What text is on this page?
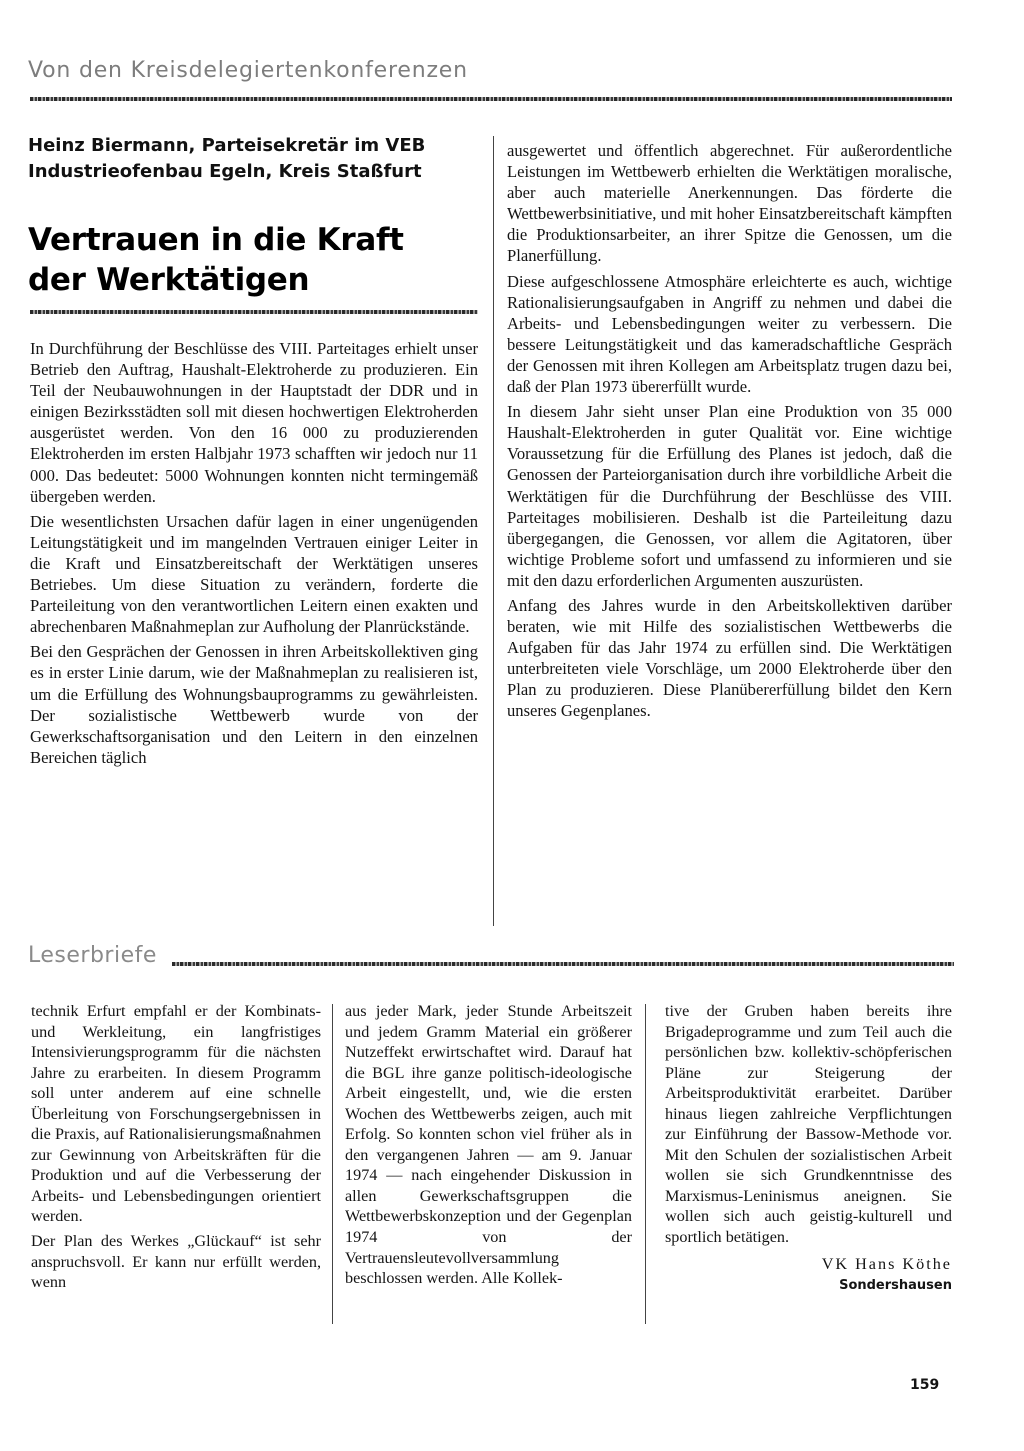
Von den Kreisdelegiertenkonferenzen
Heinz Biermann, Parteisekretär im VEB
Industrieofenbau Egeln, Kreis Staßfurt
Vertrauen in die Kraft
der Werktätigen

In Durchführung der Beschlüsse des VIII. Parteitages erhielt unser Betrieb den Auftrag, Haushalt-Elektroherde zu produzieren. Ein Teil der Neubauwohnungen in der Hauptstadt der DDR und in einigen Bezirksstädten soll mit diesen hochwertigen Elektroherden ausgerüstet werden. Von den 16 000 zu produzierenden Elektroherden im ersten Halbjahr 1973 schafften wir jedoch nur 11 000. Das bedeutet: 5000 Wohnungen konnten nicht termingemäß übergeben werden.

Die wesentlichsten Ursachen dafür lagen in einer ungenügenden Leitungstätigkeit und im mangelnden Vertrauen einiger Leiter in die Kraft und Einsatzbereitschaft der Werktätigen unseres Betriebes. Um diese Situation zu verändern, forderte die Parteileitung von den verantwortlichen Leitern einen exakten und abrechenbaren Maßnahmeplan zur Aufholung der Planrückstände.

Bei den Gesprächen der Genossen in ihren Arbeitskollektiven ging es in erster Linie darum, wie der Maßnahmeplan zu realisieren ist, um die Erfüllung des Wohnungsbauprogramms zu gewährleisten. Der sozialistische Wettbewerb wurde von der Gewerkschaftsorganisation und den Leitern in den einzelnen Bereichen täglich

ausgewertet und öffentlich abgerechnet. Für außerordentliche Leistungen im Wettbewerb erhielten die Werktätigen moralische, aber auch materielle Anerkennungen. Das förderte die Wettbewerbsinitiative, und mit hoher Einsatzbereitschaft kämpften die Produktionsarbeiter, an ihrer Spitze die Genossen, um die Planerfüllung.

Diese aufgeschlossene Atmosphäre erleichterte es auch, wichtige Rationalisierungsaufgaben in Angriff zu nehmen und dabei die Arbeits- und Lebensbedingungen weiter zu verbessern. Die bessere Leitungstätigkeit und das kameradschaftliche Gespräch der Genossen mit ihren Kollegen am Arbeitsplatz trugen dazu bei, daß der Plan 1973 übererfüllt wurde.

In diesem Jahr sieht unser Plan eine Produktion von 35 000 Haushalt-Elektroherden in guter Qualität vor. Eine wichtige Voraussetzung für die Erfüllung des Planes ist jedoch, daß die Genossen der Parteiorganisation durch ihre vorbildliche Arbeit die Werktätigen für die Durchführung der Beschlüsse des VIII. Parteitages mobilisieren. Deshalb ist die Parteileitung dazu übergegangen, die Genossen, vor allem die Agitatoren, über wichtige Probleme sofort und umfassend zu informieren und sie mit den dazu erforderlichen Argumenten auszurüsten.

Anfang des Jahres wurde in den Arbeitskollektiven darüber beraten, wie mit Hilfe des sozialistischen Wettbewerbs die Aufgaben für das Jahr 1974 zu erfüllen sind. Die Werktätigen unterbreiteten viele Vorschläge, um 2000 Elektroherde über den Plan zu produzieren. Diese Planübererfüllung bildet den Kern unseres Gegenplanes.

Leserbriefe

technik Erfurt empfahl er der Kombinats- und Werkleitung, ein langfristiges Intensivierungsprogramm für die nächsten Jahre zu erarbeiten. In diesem Programm soll unter anderem auf eine schnelle Überleitung von Forschungsergebnissen in die Praxis, auf Rationalisierungsmaßnahmen zur Gewinnung von Arbeitskräften für die Produktion und auf die Verbesserung der Arbeits- und Lebensbedingungen orientiert werden.

Der Plan des Werkes „Glückauf“ ist sehr anspruchsvoll. Er kann nur erfüllt werden, wenn

aus jeder Mark, jeder Stunde Arbeitszeit und jedem Gramm Material ein größerer Nutzeffekt erwirtschaftet wird. Darauf hat die BGL ihre ganze politisch-ideologische Arbeit eingestellt, und, wie die ersten Wochen des Wettbewerbs zeigen, auch mit Erfolg. So konnten schon viel früher als in den vergangenen Jahren — am 9. Januar 1974 — nach eingehender Diskussion in allen Gewerkschaftsgruppen die Wettbewerbskonzeption und der Gegenplan 1974 von der Vertrauensleutevollversammlung beschlossen werden. Alle Kollek-

tive der Gruben haben bereits ihre Brigadeprogramme und zum Teil auch die persönlichen bzw. kollektiv-schöpferischen Pläne zur Steigerung der Arbeitsproduktivität erarbeitet. Darüber hinaus liegen zahlreiche Verpflichtungen zur Einführung der Bassow-Methode vor. Mit den Schulen der sozialistischen Arbeit wollen sie sich Grundkenntnisse des Marxismus-Leninismus aneignen. Sie wollen sich auch geistig-kulturell und sportlich betätigen.

VK Hans Köthe
Sondershausen
159
